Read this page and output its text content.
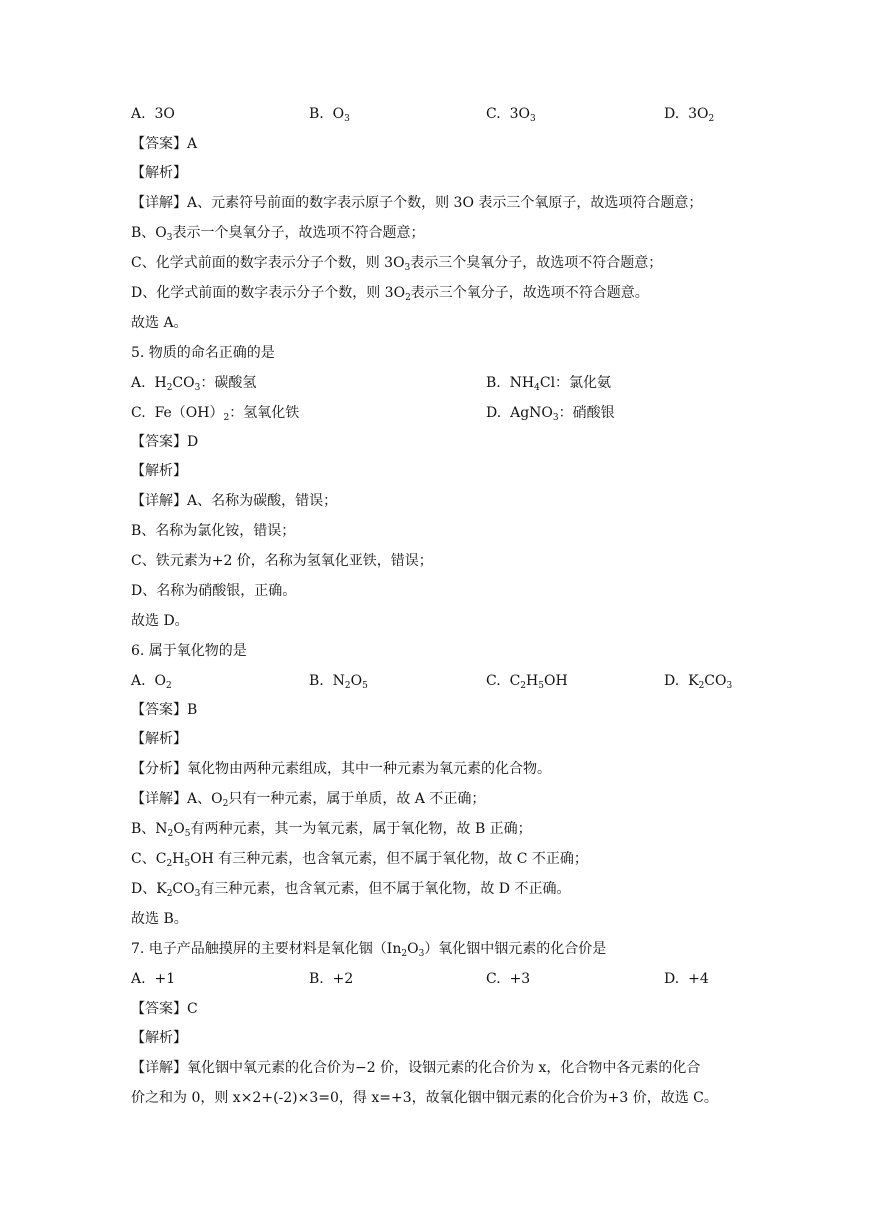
A. 3O	B. $O_3$	C. $3O_3$	D. $3O_2$
【答案】A
【解析】
【详解】A、元素符号前面的数字表示原子个数，则 3O 表示三个氧原子，故选项符合题意；
B、$O_3$表示一个臭氧分子，故选项不符合题意；
C、化学式前面的数字表示分子个数，则 $3O_3$表示三个臭氧分子，故选项不符合题意；
D、化学式前面的数字表示分子个数，则 $3O_2$表示三个氧分子，故选项不符合题意。
故选 A。
5. 物质的命名正确的是
A. $H_2CO_3$：碳酸氢	B. $NH_4Cl$：氯化氨
C. $Fe(OH)_2$：氢氧化铁	D. AgNO$_3$：硝酸银
【答案】D
【解析】
【详解】A、名称为碳酸，错误；
B、名称为氯化铵，错误；
C、铁元素为+2 价，名称为氢氧化亚铁，错误；
D、名称为硝酸银，正确。
故选 D。
6. 属于氧化物的是
A. $O_2$	B. $N_2O_5$	C. $C_2H_5OH$	D. $K_2CO_3$
【答案】B
【解析】
【分析】氧化物由两种元素组成，其中一种元素为氧元素的化合物。
【详解】A、$O_2$只有一种元素，属于单质，故 A 不正确；
B、$N_2O_5$有两种元素，其一为氧元素，属于氧化物，故 B 正确；
C、$C_2H_5OH$ 有三种元素，也含氧元素，但不属于氧化物，故 C 不正确；
D、$K_2CO_3$有三种元素，也含氧元素，但不属于氧化物，故 D 不正确。
故选 B。
7. 电子产品触摸屏的主要材料是氧化铟$(In_2O_3)$氧化铟中铟元素的化合价是
A. +1	B. +2	C. +3	D. +4
【答案】C
【解析】
【详解】氧化铟中氧元素的化合价为−2 价，设铟元素的化合价为 x，化合物中各元素的化合
价之和为 0，则 x×2+(-2)×3=0，得 x=+3，故氧化铟中铟元素的化合价为+3 价，故选 C。
